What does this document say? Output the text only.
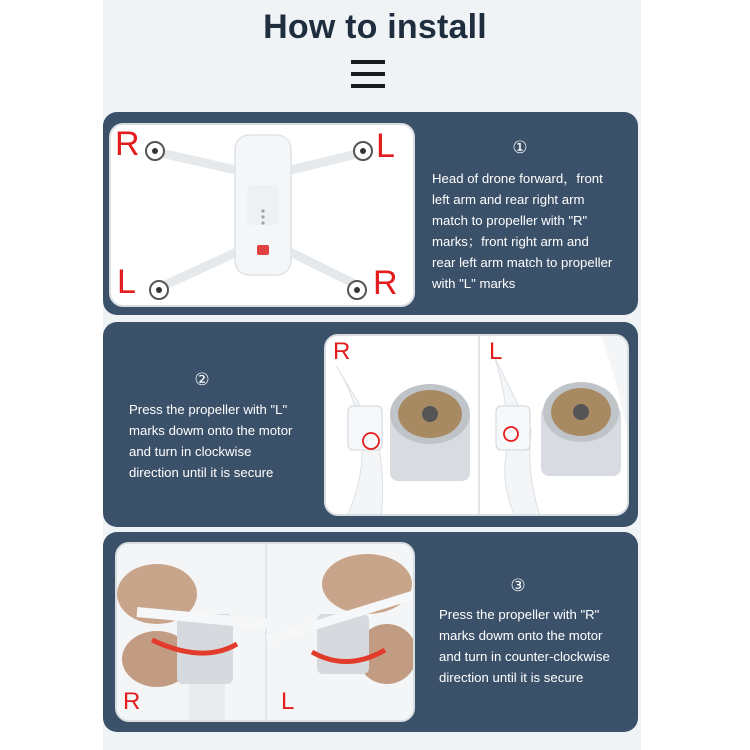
How to install
R	L
L	R
①
Head of drone forward，front
left arm and rear right arm
match to propeller with "R"
marks；front right arm and
rear left arm match to propeller
with "L" marks
②
Press the propeller with "L"
marks dowm onto the motor
and turn in clockwise
direction until it is secure
R	L
R	L
③
Press the propeller with "R"
marks dowm onto the motor
and turn in counter-clockwise
direction until it is secure
